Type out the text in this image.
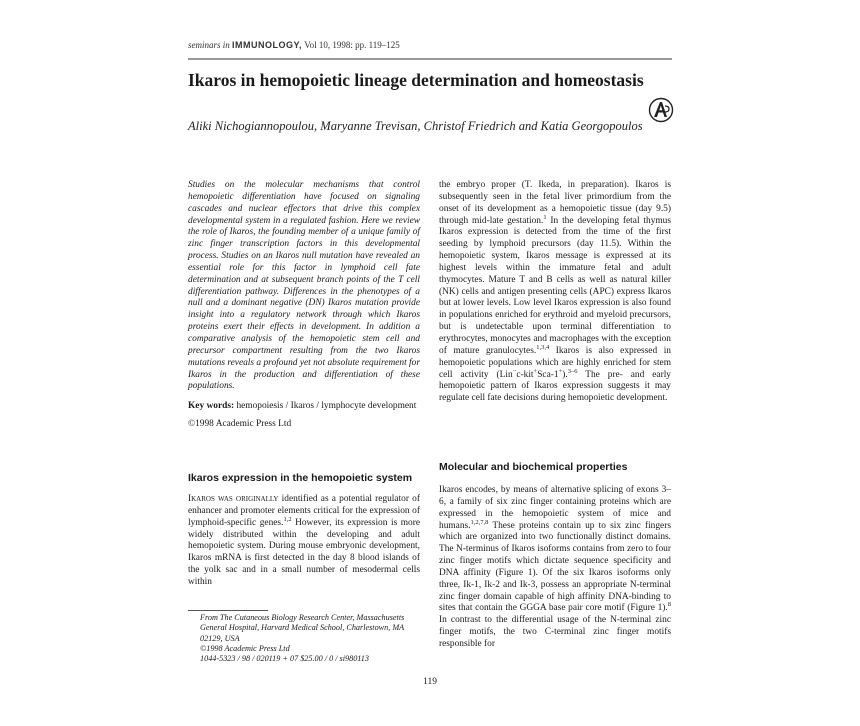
seminars in IMMUNOLOGY, Vol 10, 1998: pp. 119–125
Ikaros in hemopoietic lineage determination and homeostasis
Aliki Nichogiannopoulou, Maryanne Trevisan, Christof Friedrich and Katia Georgopoulos

Studies on the molecular mechanisms that control hemopoietic differentiation have focused on signaling cascades and nuclear effectors that drive this complex developmental system in a regulated fashion. Here we review the role of Ikaros, the founding member of a unique family of zinc finger transcription factors in this developmental process. Studies on an Ikaros null mutation have revealed an essential role for this factor in lymphoid cell fate determination and at subsequent branch points of the T cell differentiation pathway. Differences in the phenotypes of a null and a dominant negative (DN) Ikaros mutation provide insight into a regulatory network through which Ikaros proteins exert their effects in development. In addition a comparative analysis of the hemopoietic stem cell and precursor compartment resulting from the two Ikaros mutations reveals a profound yet not absolute requirement for Ikaros in the production and differentiation of these populations.

Key words: hemopoiesis / Ikaros / lymphocyte development

©1998 Academic Press Ltd

Ikaros expression in the hemopoietic system

Ikaros was originally identified as a potential regulator of enhancer and promoter elements critical for the expression of lymphoid-specific genes.$^{1,2}$ However, its expression is more widely distributed within the developing and adult hemopoietic system. During mouse embryonic development, Ikaros mRNA is first detected in the day 8 blood islands of the yolk sac and in a small number of mesodermal cells within

the embryo proper (T. Ikeda, in preparation). Ikaros is subsequently seen in the fetal liver primordium from the onset of its development as a hemopoietic tissue (day 9.5) through mid-late gestation.$^1$ In the developing fetal thymus Ikaros expression is detected from the time of the first seeding by lymphoid precursors (day 11.5). Within the hemopoietic system, Ikaros message is expressed at its highest levels within the immature fetal and adult thymocytes. Mature T and B cells as well as natural killer (NK) cells and antigen presenting cells (APC) express Ikaros but at lower levels. Low level Ikaros expression is also found in populations enriched for erythroid and myeloid precursors, but is undetectable upon terminal differentiation to erythrocytes, monocytes and macrophages with the exception of mature granulocytes.$^{1,3,4}$ Ikaros is also expressed in hemopoietic populations which are highly enriched for stem cell activity (Lin−c-kit+Sca-1+).$^{3-6}$ The pre- and early hemopoietic pattern of Ikaros expression suggests it may regulate cell fate decisions during hemopoietic development.

Molecular and biochemical properties

Ikaros encodes, by means of alternative splicing of exons 3–6, a family of six zinc finger containing proteins which are expressed in the hemopoietic system of mice and humans.$^{1,2,7,8}$ These proteins contain up to six zinc fingers which are organized into two functionally distinct domains. The N-terminus of Ikaros isoforms contains from zero to four zinc finger motifs which dictate sequence specificity and DNA affinity (Figure 1). Of the six Ikaros isoforms only three, Ik-1, Ik-2 and Ik-3, possess an appropriate N-terminal zinc finger domain capable of high affinity DNA-binding to sites that contain the GGGA base pair core motif (Figure 1).$^8$ In contrast to the differential usage of the N-terminal zinc finger motifs, the two C-terminal zinc finger motifs responsible for

From The Cutaneous Biology Research Center, Massachusetts General Hospital, Harvard Medical School, Charlestown, MA 02129, USA
©1998 Academic Press Ltd
1044-5323 / 98 / 020119 + 07 $25.00 / 0 / si980113
119
